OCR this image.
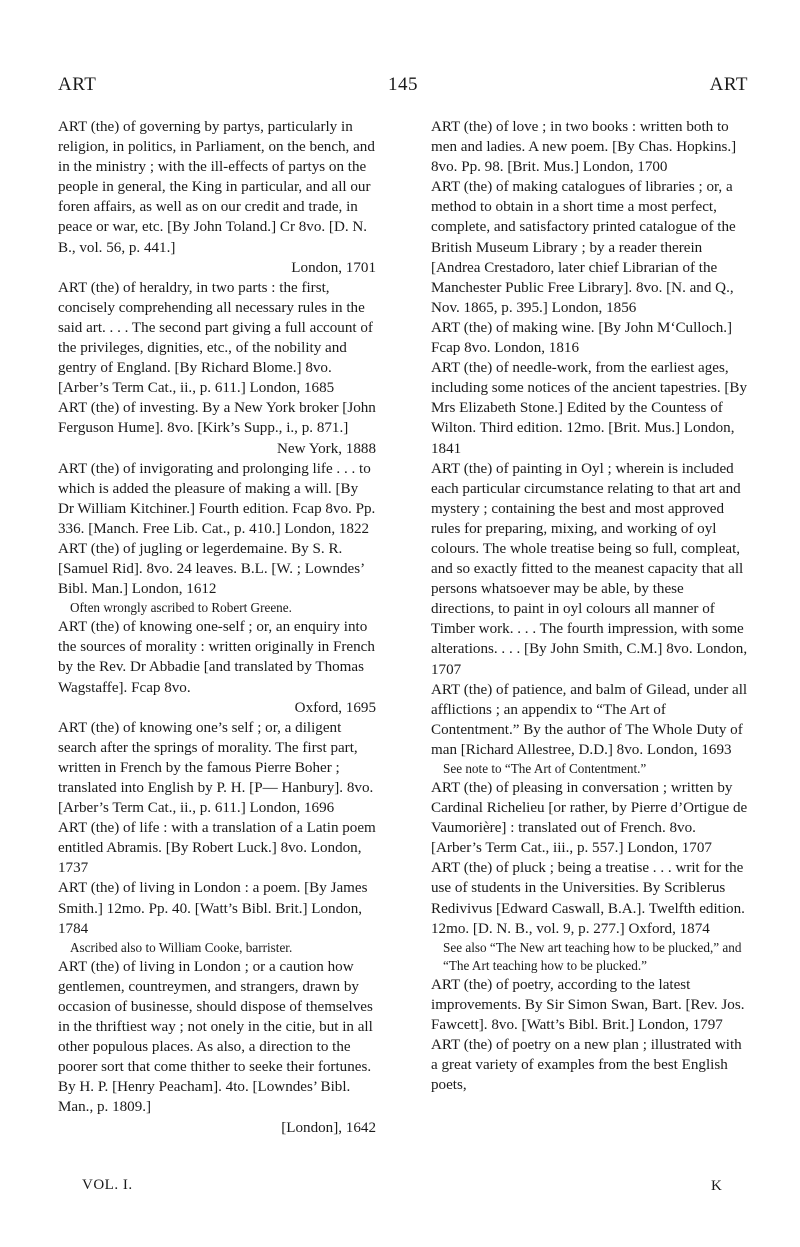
ART	145	ART

ART (the) of governing by partys, particularly in religion, in politics, in Parliament, on the bench, and in the ministry ; with the ill-effects of partys on the people in general, the King in particular, and all our foren affairs, as well as on our credit and trade, in peace or war, etc. [By John Toland.] Cr 8vo. [D. N. B., vol. 56, p. 441.]
London, 1701

ART (the) of heraldry, in two parts : the first, concisely comprehending all necessary rules in the said art. . . . The second part giving a full account of the privileges, dignities, etc., of the nobility and gentry of England. [By Richard Blome.] 8vo. [Arber’s Term Cat., ii., p. 611.] London, 1685

ART (the) of investing. By a New York broker [John Ferguson Hume]. 8vo. [Kirk’s Supp., i., p. 871.]
New York, 1888

ART (the) of invigorating and prolonging life . . . to which is added the pleasure of making a will. [By Dr William Kitchiner.] Fourth edition. Fcap 8vo. Pp. 336. [Manch. Free Lib. Cat., p. 410.] London, 1822

ART (the) of jugling or legerdemaine. By S. R. [Samuel Rid]. 8vo. 24 leaves. B.L. [W. ; Lowndes’ Bibl. Man.] London, 1612

Often wrongly ascribed to Robert Greene.

ART (the) of knowing one-self ; or, an enquiry into the sources of morality : written originally in French by the Rev. Dr Abbadie [and translated by Thomas Wagstaffe]. Fcap 8vo.
Oxford, 1695

ART (the) of knowing one’s self ; or, a diligent search after the springs of morality. The first part, written in French by the famous Pierre Boher ; translated into English by P. H. [P— Hanbury]. 8vo. [Arber’s Term Cat., ii., p. 611.] London, 1696

ART (the) of life : with a translation of a Latin poem entitled Abramis. [By Robert Luck.] 8vo. London, 1737

ART (the) of living in London : a poem. [By James Smith.] 12mo. Pp. 40. [Watt’s Bibl. Brit.] London, 1784

Ascribed also to William Cooke, barrister.

ART (the) of living in London ; or a caution how gentlemen, countreymen, and strangers, drawn by occasion of businesse, should dispose of themselves in the thriftiest way ; not onely in the citie, but in all other populous places. As also, a direction to the poorer sort that come thither to seeke their fortunes. By H. P. [Henry Peacham]. 4to. [Lowndes’ Bibl. Man., p. 1809.]
[London], 1642

ART (the) of love ; in two books : written both to men and ladies. A new poem. [By Chas. Hopkins.] 8vo. Pp. 98. [Brit. Mus.] London, 1700

ART (the) of making catalogues of libraries ; or, a method to obtain in a short time a most perfect, complete, and satisfactory printed catalogue of the British Museum Library ; by a reader therein [Andrea Crestadoro, later chief Librarian of the Manchester Public Free Library]. 8vo. [N. and Q., Nov. 1865, p. 395.] London, 1856

ART (the) of making wine. [By John M‘Culloch.] Fcap 8vo. London, 1816

ART (the) of needle-work, from the earliest ages, including some notices of the ancient tapestries. [By Mrs Elizabeth Stone.] Edited by the Countess of Wilton. Third edition. 12mo. [Brit. Mus.] London, 1841

ART (the) of painting in Oyl ; wherein is included each particular circumstance relating to that art and mystery ; containing the best and most approved rules for preparing, mixing, and working of oyl colours. The whole treatise being so full, compleat, and so exactly fitted to the meanest capacity that all persons whatsoever may be able, by these directions, to paint in oyl colours all manner of Timber work. . . . The fourth impression, with some alterations. . . . [By John Smith, C.M.] 8vo. London, 1707

ART (the) of patience, and balm of Gilead, under all afflictions ; an appendix to “The Art of Contentment.” By the author of The Whole Duty of man [Richard Allestree, D.D.] 8vo. London, 1693

See note to “The Art of Contentment.”

ART (the) of pleasing in conversation ; written by Cardinal Richelieu [or rather, by Pierre d’Ortigue de Vaumorière] : translated out of French. 8vo. [Arber’s Term Cat., iii., p. 557.] London, 1707

ART (the) of pluck ; being a treatise . . . writ for the use of students in the Universities. By Scriblerus Redivivus [Edward Caswall, B.A.]. Twelfth edition. 12mo. [D. N. B., vol. 9, p. 277.] Oxford, 1874

See also “The New art teaching how to be plucked,” and “The Art teaching how to be plucked.”

ART (the) of poetry, according to the latest improvements. By Sir Simon Swan, Bart. [Rev. Jos. Fawcett]. 8vo. [Watt’s Bibl. Brit.] London, 1797

ART (the) of poetry on a new plan ; illustrated with a great variety of examples from the best English poets,

VOL. I.	K
